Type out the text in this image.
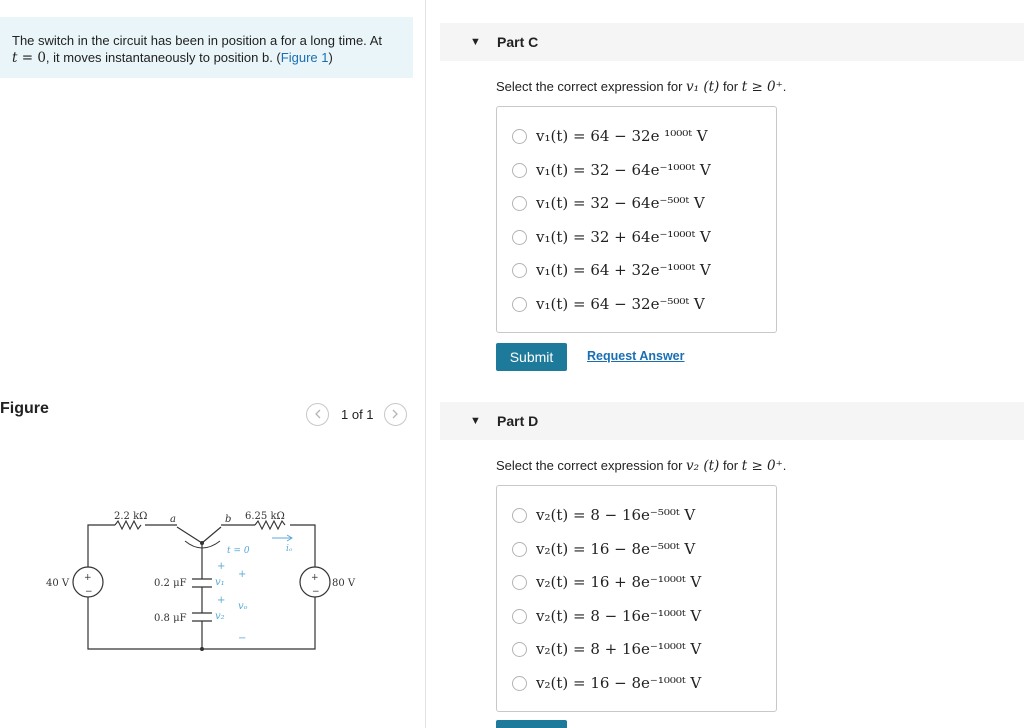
The switch in the circuit has been in position a for a long time. At
t = 0, it moves instantaneously to position b. (Figure 1)
Figure	1 of 1
2.2 kΩ	6.25 kΩ
a	b
40 V	80 V
0.2 μF
0.8 μF
t = 0
v₁
v₂
vₒ
iₒ
+	+
−	−
+
+
+
−
▼ Part C
Select the correct expression for v₁ (t) for t ≥ 0⁺.
v₁(t) = 64 − 32e ¹⁰⁰⁰ᵗ V
v₁(t) = 32 − 64e⁻¹⁰⁰⁰ᵗ V
v₁(t) = 32 − 64e⁻⁵⁰⁰ᵗ V
v₁(t) = 32 + 64e⁻¹⁰⁰⁰ᵗ V
v₁(t) = 64 + 32e⁻¹⁰⁰⁰ᵗ V
v₁(t) = 64 − 32e⁻⁵⁰⁰ᵗ V
Submit	Request Answer
▼ Part D
Select the correct expression for v₂ (t) for t ≥ 0⁺.
v₂(t) = 8 − 16e⁻⁵⁰⁰ᵗ V
v₂(t) = 16 − 8e⁻⁵⁰⁰ᵗ V
v₂(t) = 16 + 8e⁻¹⁰⁰⁰ᵗ V
v₂(t) = 8 − 16e⁻¹⁰⁰⁰ᵗ V
v₂(t) = 8 + 16e⁻¹⁰⁰⁰ᵗ V
v₂(t) = 16 − 8e⁻¹⁰⁰⁰ᵗ V
